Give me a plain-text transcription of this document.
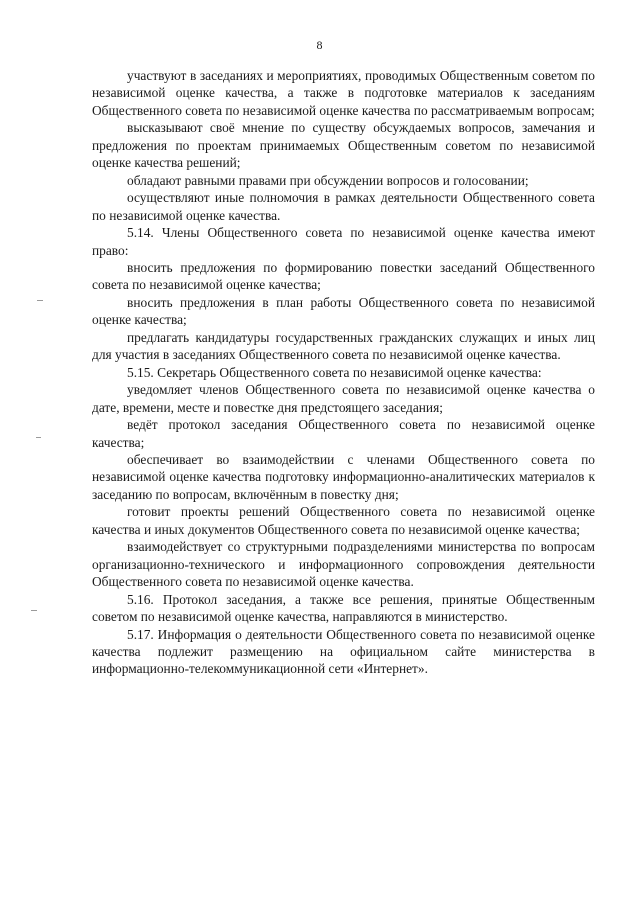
8

участвуют в заседаниях и мероприятиях, проводимых Общественным советом по независимой оценке качества, а также в подготовке материалов к заседаниям Общественного совета по независимой оценке качества по рассматриваемым вопросам;

высказывают своё мнение по существу обсуждаемых вопросов, замечания и предложения по проектам принимаемых Общественным советом по независимой оценке качества решений;

обладают равными правами при обсуждении вопросов и голосовании;

осуществляют иные полномочия в рамках деятельности Общественного совета по независимой оценке качества.

5.14. Члены Общественного совета по независимой оценке качества имеют право:

вносить предложения по формированию повестки заседаний Общественного совета по независимой оценке качества;

вносить предложения в план работы Общественного совета по независимой оценке качества;

предлагать кандидатуры государственных гражданских служащих и иных лиц для участия в заседаниях Общественного совета по независимой оценке качества.

5.15. Секретарь Общественного совета по независимой оценке качества:

уведомляет членов Общественного совета по независимой оценке качества о дате, времени, месте и повестке дня предстоящего заседания;

ведёт протокол заседания Общественного совета по независимой оценке качества;

обеспечивает во взаимодействии с членами Общественного совета по независимой оценке качества подготовку информационно-аналитических материалов к заседанию по вопросам, включённым в повестку дня;

готовит проекты решений Общественного совета по независимой оценке качества и иных документов Общественного совета по независимой оценке качества;

взаимодействует со структурными подразделениями министерства по вопросам организационно-технического и информационного сопровождения деятельности Общественного совета по независимой оценке качества.

5.16. Протокол заседания, а также все решения, принятые Общественным советом по независимой оценке качества, направляются в министерство.

5.17. Информация о деятельности Общественного совета по независимой оценке качества подлежит размещению на официальном сайте министерства в информационно-телекоммуникационной сети «Интернет».
